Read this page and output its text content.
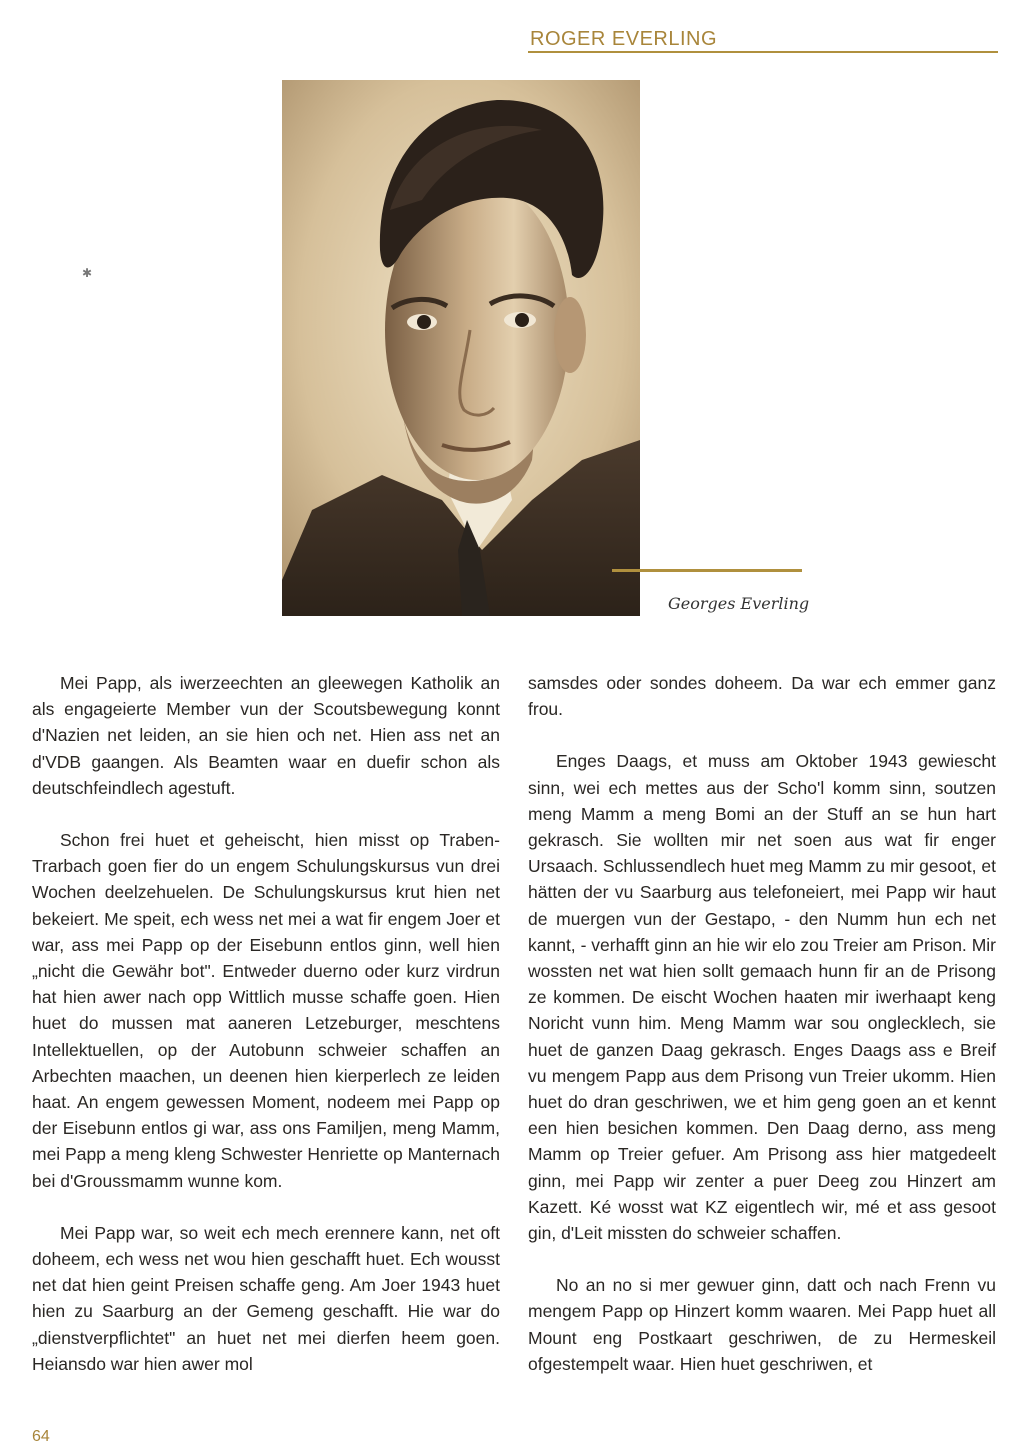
ROGER EVERLING
✱
Georges Everling

Mei Papp, als iwerzeechten an gleewegen Katholik an als engageierte Member vun der Scoutsbewegung konnt d'Nazien net leiden, an sie hien och net. Hien ass net an d'VDB gaangen. Als Beamten waar en duefir schon als deutschfeindlech agestuft.

Schon frei huet et geheischt, hien misst op Traben-Trarbach goen fier do un engem Schulungskursus vun drei Wochen deelzehuelen. De Schulungskursus krut hien net bekeiert. Me speit, ech wess net mei a wat fir engem Joer et war, ass mei Papp op der Eisebunn entlos ginn, well hien „nicht die Gewähr bot". Entweder duerno oder kurz virdrun hat hien awer nach opp Wittlich musse schaffe goen. Hien huet do mussen mat aaneren Letzeburger, meschtens Intellektuellen, op der Autobunn schweier schaffen an Arbechten maachen, un deenen hien kierperlech ze leiden haat. An engem gewessen Moment, nodeem mei Papp op der Eisebunn entlos gi war, ass ons Familjen, meng Mamm, mei Papp a meng kleng Schwester Henriette op Manternach bei d'Groussmamm wunne kom.

Mei Papp war, so weit ech mech erennere kann, net oft doheem, ech wess net wou hien geschafft huet. Ech wousst net dat hien geint Preisen schaffe geng. Am Joer 1943 huet hien zu Saarburg an der Gemeng geschafft. Hie war do „dienstverpflichtet" an huet net mei dierfen heem goen. Heiansdo war hien awer mol

samsdes oder sondes doheem. Da war ech emmer ganz frou.

Enges Daags, et muss am Oktober 1943 gewiescht sinn, wei ech mettes aus der Scho'l komm sinn, soutzen meng Mamm a meng Bomi an der Stuff an se hun hart gekrasch. Sie wollten mir net soen aus wat fir enger Ursaach. Schlussendlech huet meg Mamm zu mir gesoot, et hätten der vu Saarburg aus telefoneiert, mei Papp wir haut de muergen vun der Gestapo, - den Numm hun ech net kannt, - verhafft ginn an hie wir elo zou Treier am Prison. Mir wossten net wat hien sollt gemaach hunn fir an de Prisong ze kommen. De eischt Wochen haaten mir iwerhaapt keng Noricht vunn him. Meng Mamm war sou onglecklech, sie huet de ganzen Daag gekrasch. Enges Daags ass e Breif vu mengem Papp aus dem Prisong vun Treier ukomm. Hien huet do dran geschriwen, we et him geng goen an et kennt een hien besichen kommen. Den Daag derno, ass meng Mamm op Treier gefuer. Am Prisong ass hier matgedeelt ginn, mei Papp wir zenter a puer Deeg zou Hinzert am Kazett. Ké wosst wat KZ eigentlech wir, mé et ass gesoot gin, d'Leit missten do schweier schaffen.

No an no si mer gewuer ginn, datt och nach Frenn vu mengem Papp op Hinzert komm waaren. Mei Papp huet all Mount eng Postkaart geschriwen, de zu Hermeskeil ofgestempelt waar. Hien huet geschriwen, et

64
